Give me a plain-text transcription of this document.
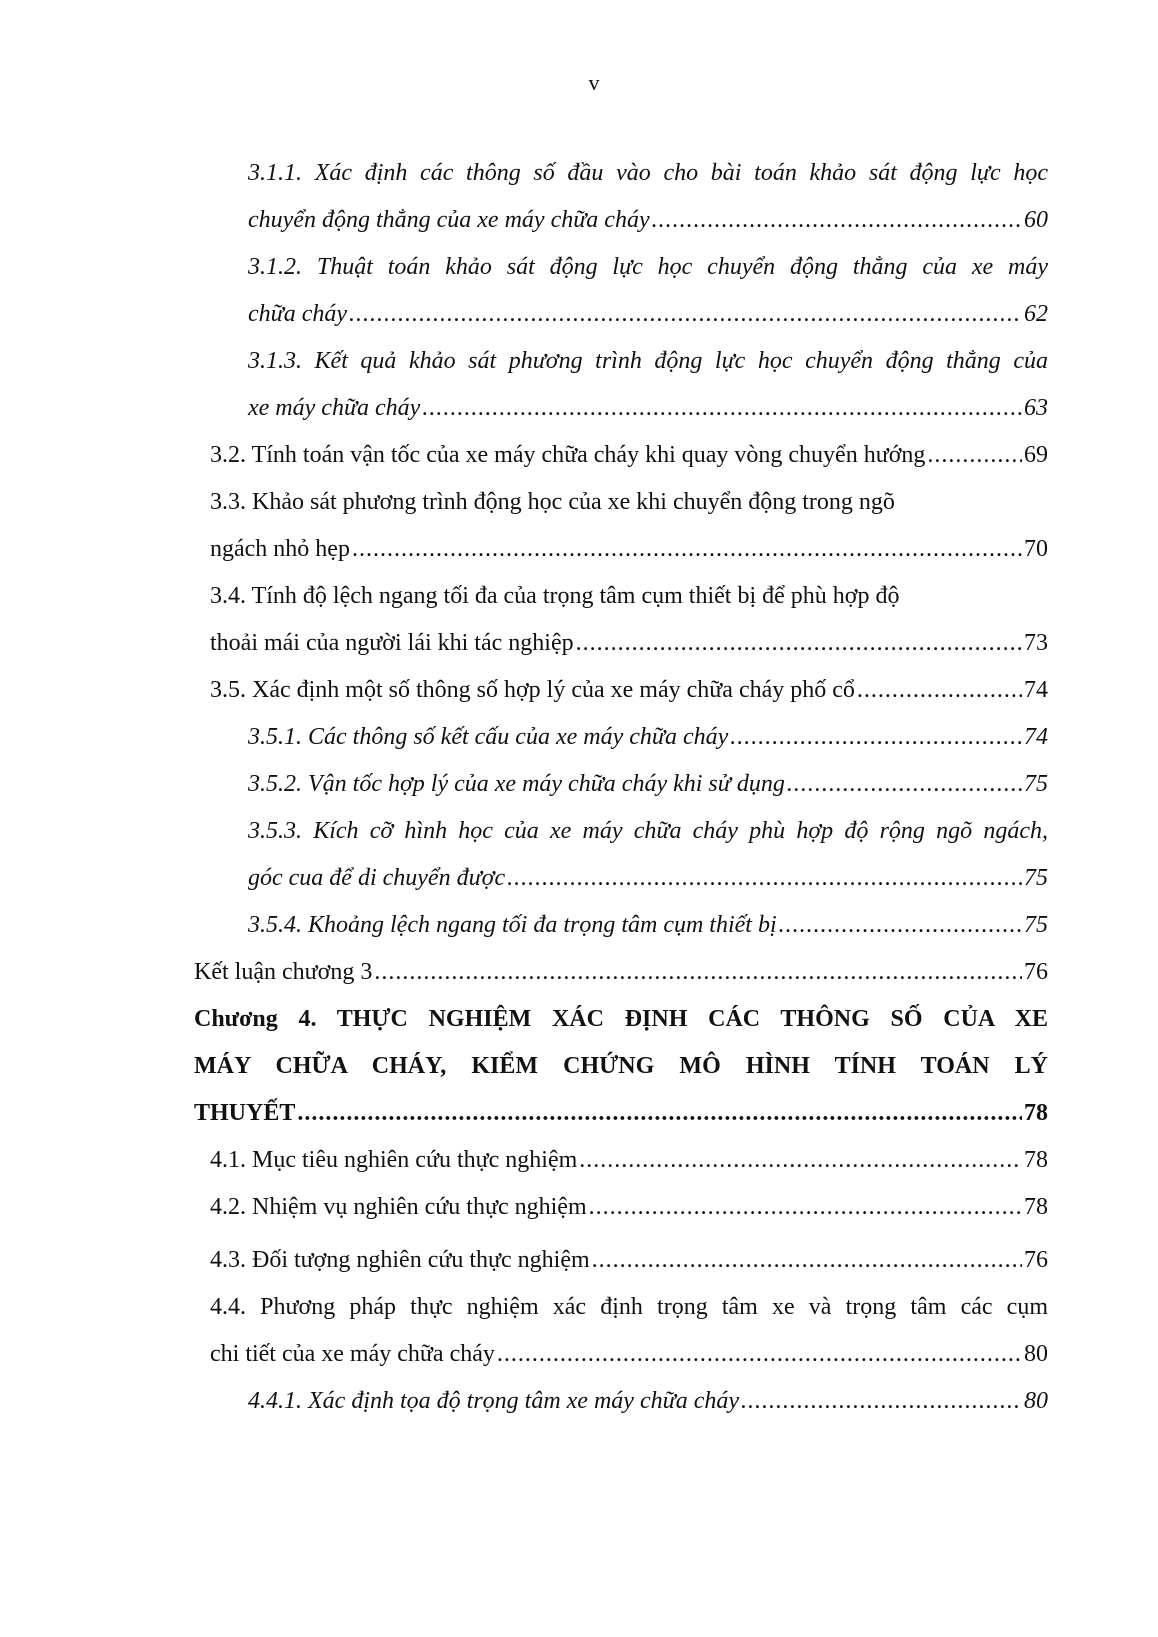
v
3.1.1. Xác định các thông số đầu vào cho bài toán khảo sát động lực học
chuyển động thẳng của xe máy chữa cháy .....	60
3.1.2. Thuật toán khảo sát động lực học chuyển động thẳng của xe máy
chữa cháy .....	62
3.1.3. Kết quả khảo sát phương trình động lực học chuyển động thẳng của
xe máy chữa cháy .....	63
3.2. Tính toán vận tốc của xe máy chữa cháy khi quay vòng chuyển hướng .....	69
3.3. Khảo sát phương trình động học của xe khi chuyển động trong ngõ
ngách nhỏ hẹp .....	70
3.4. Tính độ lệch ngang tối đa của trọng tâm cụm thiết bị để phù hợp độ
thoải mái của người lái khi tác nghiệp .....	73
3.5. Xác định một số thông số hợp lý của xe máy chữa cháy phố cổ .....	74
3.5.1. Các thông số kết cấu của xe máy chữa cháy .....	74
3.5.2. Vận tốc hợp lý của xe máy chữa cháy khi sử dụng .....	75
3.5.3. Kích cỡ hình học của xe máy chữa cháy phù hợp độ rộng ngõ ngách,
góc cua để di chuyển được .....	75
3.5.4. Khoảng lệch ngang tối đa trọng tâm cụm thiết bị .....	75
Kết luận chương 3 .....	76
Chương 4. THỰC NGHIỆM XÁC ĐỊNH CÁC THÔNG SỐ CỦA XE
MÁY CHỮA CHÁY, KIỂM CHỨNG MÔ HÌNH TÍNH TOÁN LÝ
THUYẾT .....	78
4.1. Mục tiêu nghiên cứu thực nghiệm .....	78
4.2. Nhiệm vụ nghiên cứu thực nghiệm .....	78
4.3. Đối tượng nghiên cứu thực nghiệm .....	76
4.4. Phương pháp thực nghiệm xác định trọng tâm xe và trọng tâm các cụm
chi tiết của xe máy chữa cháy .....	80
4.4.1. Xác định tọa độ trọng tâm xe máy chữa cháy .....	80
